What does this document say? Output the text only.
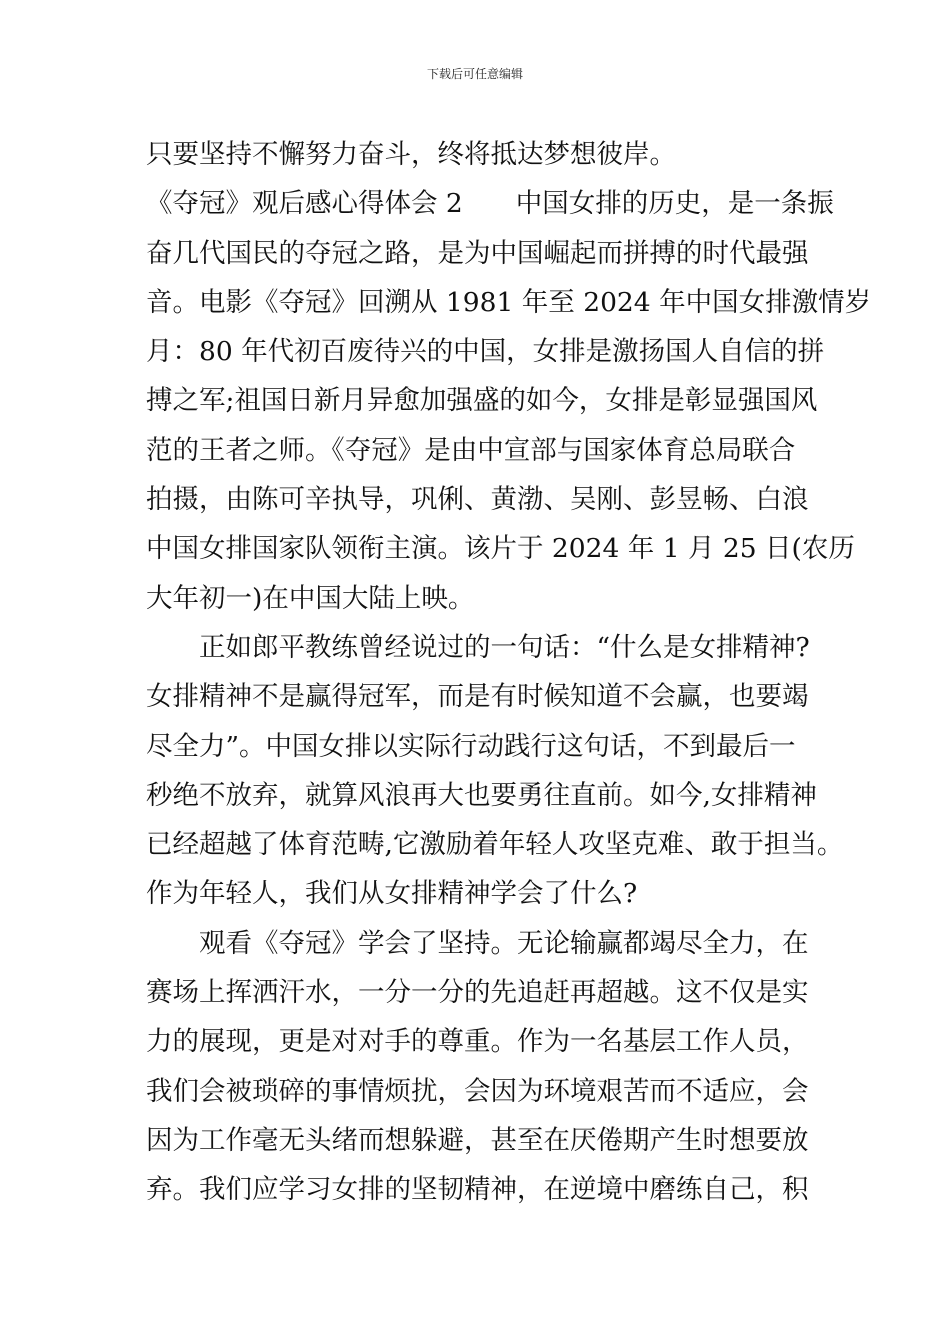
下载后可任意编辑
只要坚持不懈努力奋斗，终将抵达梦想彼岸。
《夺冠》观后感心得体会 2　　中国女排的历史，是一条振
奋几代国民的夺冠之路，是为中国崛起而拼搏的时代最强
音。电影《夺冠》回溯从 1981 年至 2024 年中国女排激情岁
月：80 年代初百废待兴的中国，女排是激扬国人自信的拼
搏之军;祖国日新月异愈加强盛的如今，女排是彰显强国风
范的王者之师。《夺冠》是由中宣部与国家体育总局联合
拍摄，由陈可辛执导，巩俐、黄渤、吴刚、彭昱畅、白浪
中国女排国家队领衔主演。该片于 2024 年 1 月 25 日(农历
大年初一)在中国大陆上映。
正如郎平教练曾经说过的一句话：“什么是女排精神?
女排精神不是赢得冠军，而是有时候知道不会赢，也要竭
尽全力”。中国女排以实际行动践行这句话，不到最后一
秒绝不放弃，就算风浪再大也要勇往直前。如今,女排精神
已经超越了体育范畴,它激励着年轻人攻坚克难、敢于担当。
作为年轻人，我们从女排精神学会了什么?
观看《夺冠》学会了坚持。无论输赢都竭尽全力，在
赛场上挥洒汗水，一分一分的先追赶再超越。这不仅是实
力的展现，更是对对手的尊重。作为一名基层工作人员，
我们会被琐碎的事情烦扰，会因为环境艰苦而不适应，会
因为工作毫无头绪而想躲避，甚至在厌倦期产生时想要放
弃。我们应学习女排的坚韧精神，在逆境中磨练自己，积
